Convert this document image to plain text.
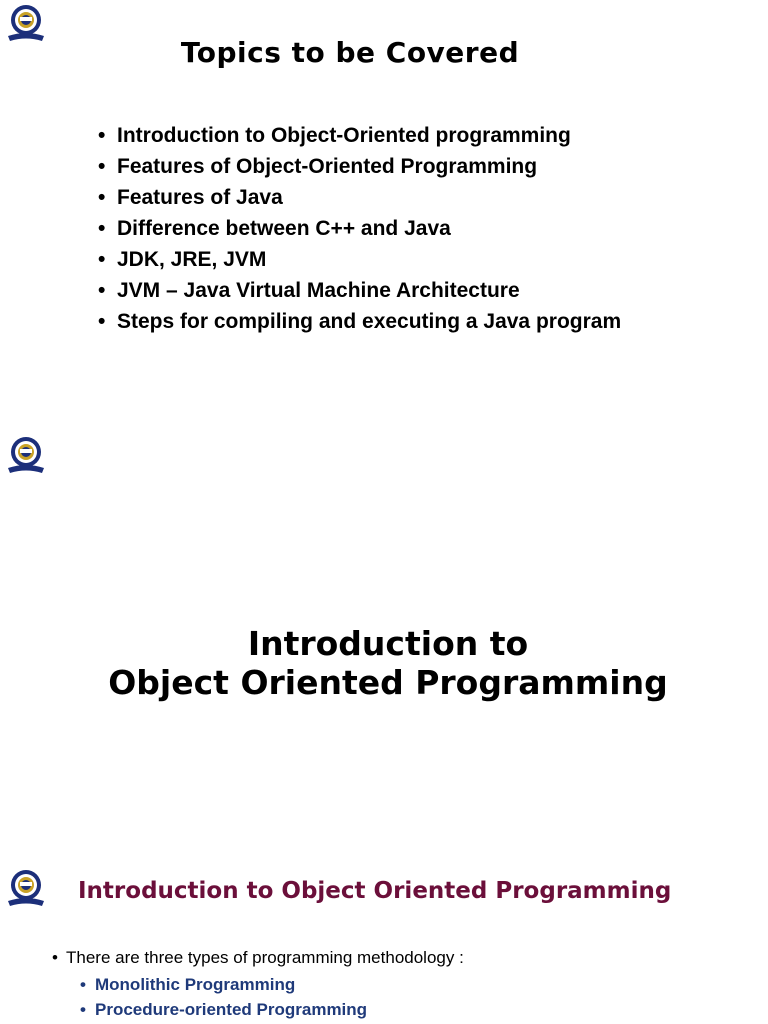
Topics to be Covered
• Introduction to Object-Oriented programming
• Features of Object-Oriented Programming
• Features of Java
• Difference between C++ and Java
• JDK, JRE, JVM
• JVM – Java Virtual Machine Architecture
• Steps for compiling and executing a Java program
Introduction to
Object Oriented Programming
Introduction to Object Oriented Programming
• There are three types of programming methodology :
• Monolithic Programming
• Procedure-oriented Programming
